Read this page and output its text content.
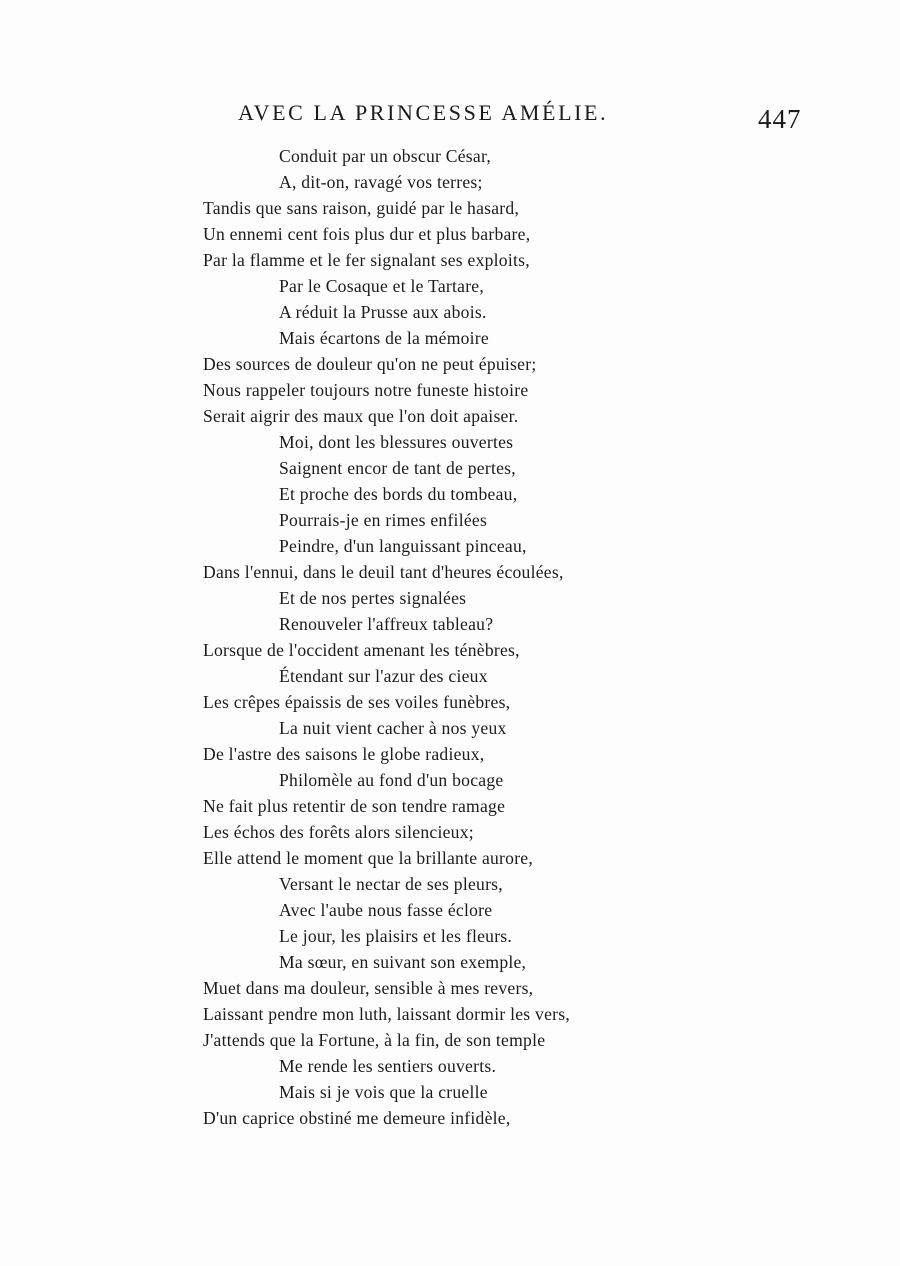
AVEC LA PRINCESSE AMÉLIE.	447
Conduit par un obscur César,
A, dit-on, ravagé vos terres;
Tandis que sans raison, guidé par le hasard,
Un ennemi cent fois plus dur et plus barbare,
Par la flamme et le fer signalant ses exploits,
Par le Cosaque et le Tartare,
A réduit la Prusse aux abois.
Mais écartons de la mémoire
Des sources de douleur qu'on ne peut épuiser;
Nous rappeler toujours notre funeste histoire
Serait aigrir des maux que l'on doit apaiser.
Moi, dont les blessures ouvertes
Saignent encor de tant de pertes,
Et proche des bords du tombeau,
Pourrais-je en rimes enfilées
Peindre, d'un languissant pinceau,
Dans l'ennui, dans le deuil tant d'heures écoulées,
Et de nos pertes signalées
Renouveler l'affreux tableau?
Lorsque de l'occident amenant les ténèbres,
Étendant sur l'azur des cieux
Les crêpes épaissis de ses voiles funèbres,
La nuit vient cacher à nos yeux
De l'astre des saisons le globe radieux,
Philomèle au fond d'un bocage
Ne fait plus retentir de son tendre ramage
Les échos des forêts alors silencieux;
Elle attend le moment que la brillante aurore,
Versant le nectar de ses pleurs,
Avec l'aube nous fasse éclore
Le jour, les plaisirs et les fleurs.
Ma sœur, en suivant son exemple,
Muet dans ma douleur, sensible à mes revers,
Laissant pendre mon luth, laissant dormir les vers,
J'attends que la Fortune, à la fin, de son temple
Me rende les sentiers ouverts.
Mais si je vois que la cruelle
D'un caprice obstiné me demeure infidèle,
